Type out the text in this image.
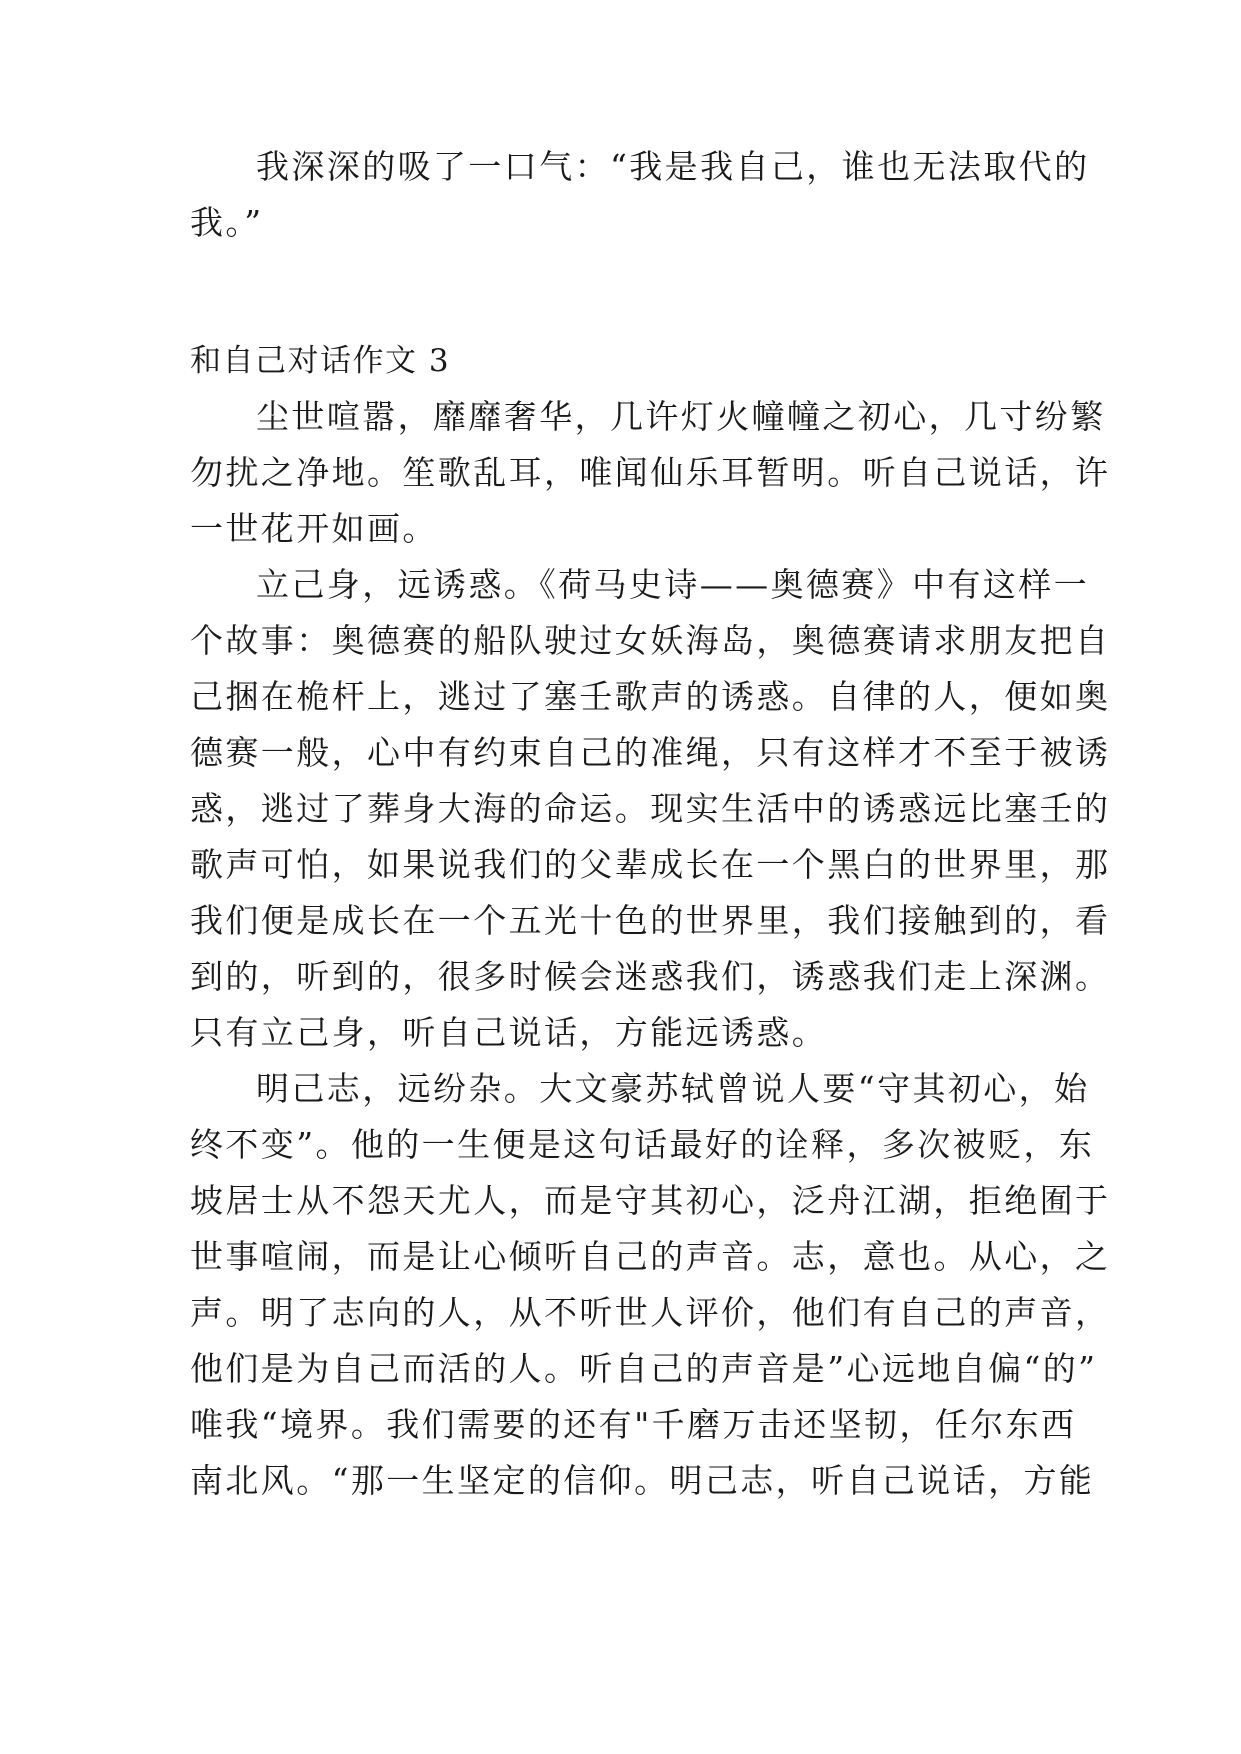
我深深的吸了一口气：“我是我自己，谁也无法取代的
我。”
和自己对话作文 3
尘世喧嚣，靡靡奢华，几许灯火幢幢之初心，几寸纷繁
勿扰之净地。笙歌乱耳，唯闻仙乐耳暂明。听自己说话，许
一世花开如画。
立己身，远诱惑。《荷马史诗——奥德赛》中有这样一
个故事：奥德赛的船队驶过女妖海岛，奥德赛请求朋友把自
己捆在桅杆上，逃过了塞壬歌声的诱惑。自律的人，便如奥
德赛一般，心中有约束自己的准绳，只有这样才不至于被诱
惑，逃过了葬身大海的命运。现实生活中的诱惑远比塞壬的
歌声可怕，如果说我们的父辈成长在一个黑白的世界里，那
我们便是成长在一个五光十色的世界里，我们接触到的，看
到的，听到的，很多时候会迷惑我们，诱惑我们走上深渊。
只有立己身，听自己说话，方能远诱惑。
明己志，远纷杂。大文豪苏轼曾说人要“守其初心，始
终不变”。他的一生便是这句话最好的诠释，多次被贬，东
坡居士从不怨天尤人，而是守其初心，泛舟江湖，拒绝囿于
世事喧闹，而是让心倾听自己的声音。志，意也。从心，之
声。明了志向的人，从不听世人评价，他们有自己的声音，
他们是为自己而活的人。听自己的声音是”心远地自偏“的”
唯我“境界。我们需要的还有"千磨万击还坚韧，任尔东西
南北风。“那一生坚定的信仰。明己志，听自己说话，方能
